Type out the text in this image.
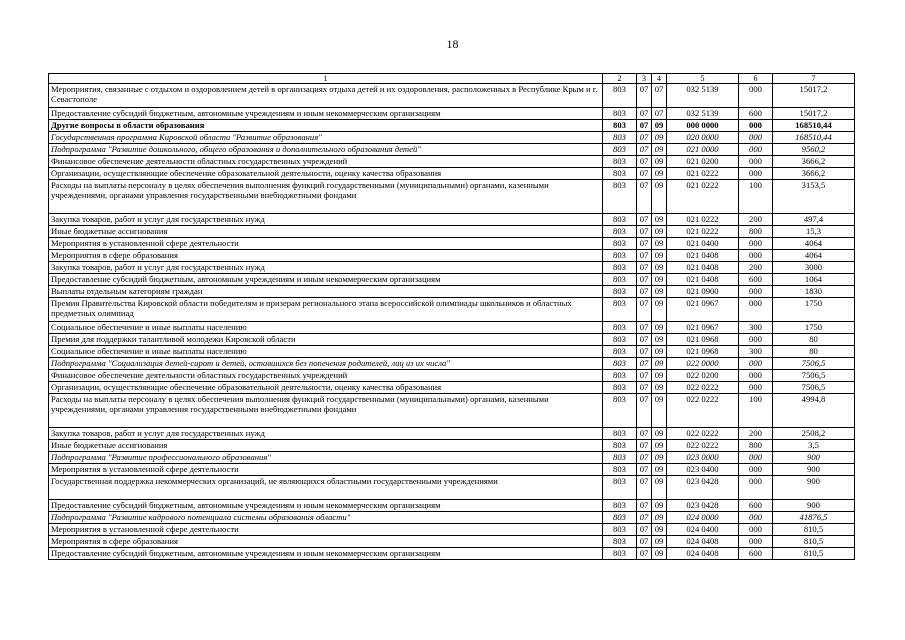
18
1	2	3	4	5	6	7
Мероприятия, связанные с отдыхом и оздоровлением детей в организациях отдыха детей и их оздоровления, расположенных в Республике Крым и г. Севастополе	803	07	07	032 5139	000	15017,2
Предоставление субсидий бюджетным, автономным учреждениям и иным некоммерческим организациям	803	07	07	032 5139	600	15017,2
Другие вопросы в области образования	803	07	09	000 0000	000	168510,44
Государственная программа Кировской области "Развитие образования"	803	07	09	020 0000	000	168510,44
Подпрограмма "Развитие дошкольного, общего образования и дополнительного образования детей"	803	07	09	021 0000	000	9560,2
Финансовое обеспечение деятельности областных государственных учреждений	803	07	09	021 0200	000	3666,2
Организации, осуществляющие обеспечение образовательной деятельности, оценку качества образования	803	07	09	021 0222	000	3666,2
Расходы на выплаты персоналу в целях обеспечения выполнения функций государственными (муниципальными) органами, казенными учреждениями, органами управления государственными внебюджетными фондами	803	07	09	021 0222	100	3153,5
Закупка товаров, работ и услуг для государственных нужд	803	07	09	021 0222	200	497,4
Иные бюджетные ассигнования	803	07	09	021 0222	800	15,3
Мероприятия в установленной сфере деятельности	803	07	09	021 0400	000	4064
Мероприятия в сфере образования	803	07	09	021 0408	000	4064
Закупка товаров, работ и услуг для государственных нужд	803	07	09	021 0408	200	3000
Предоставление субсидий бюджетным, автономным учреждениям и иным некоммерческим организациям	803	07	09	021 0408	600	1064
Выплаты отдельным категориям граждан	803	07	09	021 0900	000	1830
Премия Правительства Кировской области победителям и призерам регионального этапа всероссийской олимпиады школьников и областных предметных олимпиад	803	07	09	021 0967	000	1750
Социальное обеспечение и иные выплаты населению	803	07	09	021 0967	300	1750
Премия для поддержки талантливой молодежи Кировской области	803	07	09	021 0968	000	80
Социальное обеспечение и иные выплаты населению	803	07	09	021 0968	300	80
Подпрограмма "Социализация детей-сирот и детей, оставшихся без попечения родителей, лиц из их числа"	803	07	09	022 0000	000	7506,5
Финансовое обеспечение деятельности областных государственных учреждений	803	07	09	022 0200	000	7506,5
Организации, осуществляющие обеспечение образовательной деятельности, оценку качества образования	803	07	09	022 0222	000	7506,5
Расходы на выплаты персоналу в целях обеспечения выполнения функций государственными (муниципальными) органами, казенными учреждениями, органами управления государственными внебюджетными фондами	803	07	09	022 0222	100	4994,8
Закупка товаров, работ и услуг для государственных нужд	803	07	09	022 0222	200	2508,2
Иные бюджетные ассигнования	803	07	09	022 0222	800	3,5
Подпрограмма "Развитие профессионального образования"	803	07	09	023 0000	000	900
Мероприятия в установленной сфере деятельности	803	07	09	023 0400	000	900
Государственная поддержка некоммерческих организаций, не являющихся областными государственными учреждениями	803	07	09	023 0428	000	900
Предоставление субсидий бюджетным, автономным учреждениям и иным некоммерческим организациям	803	07	09	023 0428	600	900
Подпрограмма "Развитие кадрового потенциала системы образования области"	803	07	09	024 0000	000	41876,5
Мероприятия в установленной сфере деятельности	803	07	09	024 0400	000	810,5
Мероприятия в сфере образования	803	07	09	024 0408	000	810,5
Предоставление субсидий бюджетным, автономным учреждениям и иным некоммерческим организациям	803	07	09	024 0408	600	810,5
